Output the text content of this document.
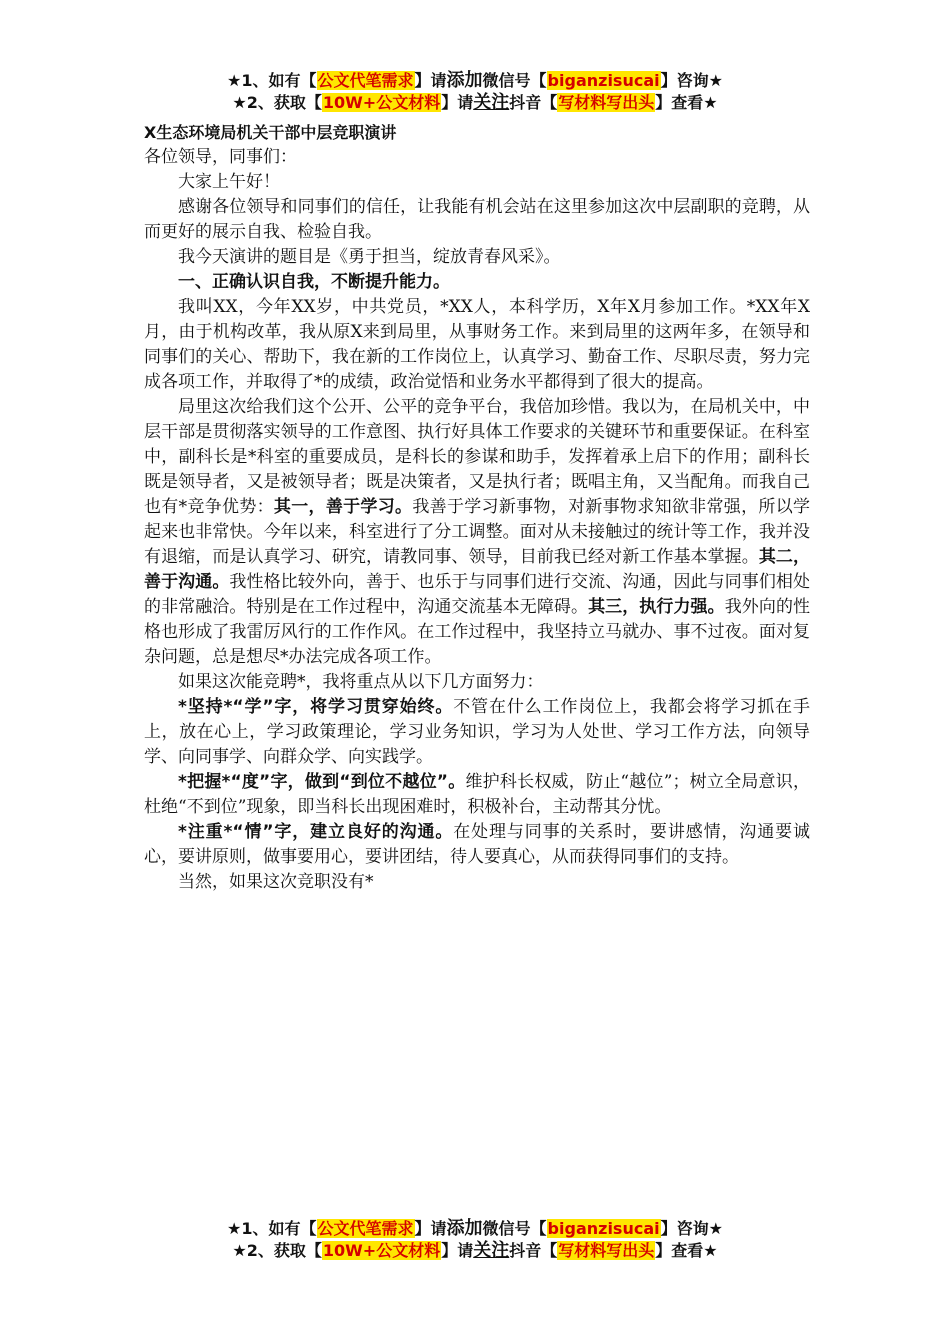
★1、如有【公文代笔需求】请添加微信号【biganzisucai】咨询★
★2、获取【10W+公文材料】请关注抖音【写材料写出头】查看★

X生态环境局机关干部中层竞职演讲

各位领导，同事们：

大家上午好！

感谢各位领导和同事们的信任，让我能有机会站在这里参加这次中层副职的竞聘，从而更好的展示自我、检验自我。

我今天演讲的题目是《勇于担当，绽放青春风采》。

一、正确认识自我，不断提升能力。

我叫XX，今年XX岁，中共党员，*XX人，本科学历，X年X月参加工作。*XX年X月，由于机构改革，我从原X来到局里，从事财务工作。来到局里的这两年多，在领导和同事们的关心、帮助下，我在新的工作岗位上，认真学习、勤奋工作、尽职尽责，努力完成各项工作，并取得了*的成绩，政治觉悟和业务水平都得到了很大的提高。

局里这次给我们这个公开、公平的竞争平台，我倍加珍惜。我以为，在局机关中，中层干部是贯彻落实领导的工作意图、执行好具体工作要求的关键环节和重要保证。在科室中，副科长是*科室的重要成员，是科长的参谋和助手，发挥着承上启下的作用；副科长既是领导者，又是被领导者；既是决策者，又是执行者；既唱主角，又当配角。而我自己也有*竞争优势：其一，善于学习。我善于学习新事物，对新事物求知欲非常强，所以学起来也非常快。今年以来，科室进行了分工调整。面对从未接触过的统计等工作，我并没有退缩，而是认真学习、研究，请教同事、领导，目前我已经对新工作基本掌握。其二，善于沟通。我性格比较外向，善于、也乐于与同事们进行交流、沟通，因此与同事们相处的非常融洽。特别是在工作过程中，沟通交流基本无障碍。其三，执行力强。我外向的性格也形成了我雷厉风行的工作作风。在工作过程中，我坚持立马就办、事不过夜。面对复杂问题，总是想尽*办法完成各项工作。

如果这次能竞聘*，我将重点从以下几方面努力：

*坚持*“学”字，将学习贯穿始终。不管在什么工作岗位上，我都会将学习抓在手上，放在心上，学习政策理论，学习业务知识，学习为人处世、学习工作方法，向领导学、向同事学、向群众学、向实践学。

*把握*“度”字，做到“到位不越位”。维护科长权威，防止“越位”；树立全局意识，杜绝“不到位”现象，即当科长出现困难时，积极补台，主动帮其分忧。

*注重*“情”字，建立良好的沟通。在处理与同事的关系时，要讲感情，沟通要诚心，要讲原则，做事要用心，要讲团结，待人要真心，从而获得同事们的支持。

当然，如果这次竞职没有*

★1、如有【公文代笔需求】请添加微信号【biganzisucai】咨询★
★2、获取【10W+公文材料】请关注抖音【写材料写出头】查看★
